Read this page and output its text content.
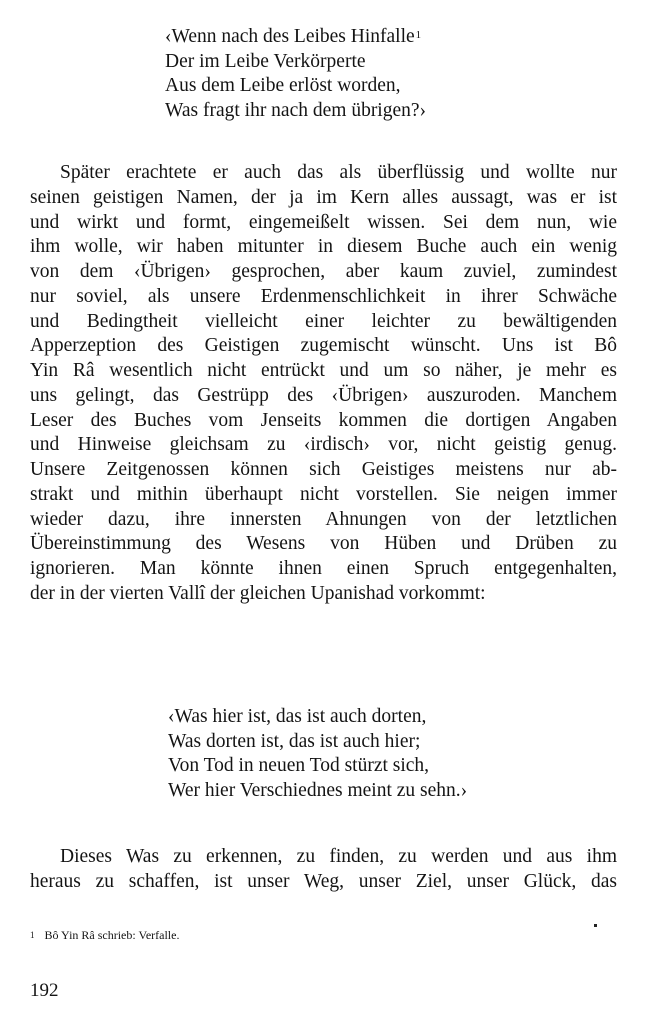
‹Wenn nach des Leibes Hinfalle$^1$
Der im Leibe Verkörperte
Aus dem Leibe erlöst worden,
Was fragt ihr nach dem übrigen?›
Später erachtete er auch das als überflüssig und wollte nur
seinen geistigen Namen, der ja im Kern alles aussagt, was er ist
und wirkt und formt, eingemeißelt wissen. Sei dem nun, wie
ihm wolle, wir haben mitunter in diesem Buche auch ein wenig
von dem ‹Übrigen› gesprochen, aber kaum zuviel, zumindest
nur soviel, als unsere Erdenmenschlichkeit in ihrer Schwäche
und Bedingtheit vielleicht einer leichter zu bewältigenden
Apperzeption des Geistigen zugemischt wünscht. Uns ist Bô
Yin Râ wesentlich nicht entrückt und um so näher, je mehr es
uns gelingt, das Gestrüpp des ‹Übrigen› auszuroden. Manchem
Leser des Buches vom Jenseits kommen die dortigen Angaben
und Hinweise gleichsam zu ‹irdisch› vor, nicht geistig genug.
Unsere Zeitgenossen können sich Geistiges meistens nur ab-
strakt und mithin überhaupt nicht vorstellen. Sie neigen immer
wieder dazu, ihre innersten Ahnungen von der letztlichen
Übereinstimmung des Wesens von Hüben und Drüben zu
ignorieren. Man könnte ihnen einen Spruch entgegenhalten,
der in der vierten Vallî der gleichen Upanishad vorkommt:
‹Was hier ist, das ist auch dorten,
Was dorten ist, das ist auch hier;
Von Tod in neuen Tod stürzt sich,
Wer hier Verschiednes meint zu sehn.›
Dieses Was zu erkennen, zu finden, zu werden und aus ihm
heraus zu schaffen, ist unser Weg, unser Ziel, unser Glück, das
$^1$ Bô Yin Râ schrieb: Verfalle.
192
